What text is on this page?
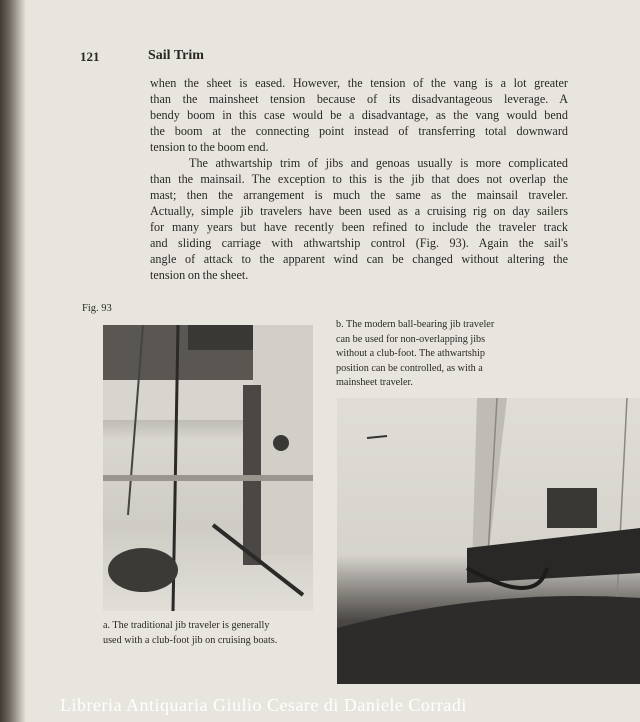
121	Sail Trim
when the sheet is eased. However, the tension of the vang is a lot greater
than the mainsheet tension because of its disadvantageous leverage. A
bendy boom in this case would be a disadvantage, as the vang would bend
the boom at the connecting point instead of transferring total downward
tension to the boom end.
The athwartship trim of jibs and genoas usually is more complicated
than the mainsail. The exception to this is the jib that does not overlap the
mast; then the arrangement is much the same as the mainsail traveler.
Actually, simple jib travelers have been used as a cruising rig on day sailers
for many years but have recently been refined to include the traveler track
and sliding carriage with athwartship control (Fig. 93). Again the sail's
angle of attack to the apparent wind can be changed without altering the
tension on the sheet.
Fig. 93
a. The traditional jib traveler is generally
used with a club-foot jib on cruising boats.
b. The modern ball-bearing jib traveler
can be used for non-overlapping jibs
without a club-foot. The athwartship
position can be controlled, as with a
mainsheet traveler.
Libreria Antiquaria Giulio Cesare di Daniele Corradi
